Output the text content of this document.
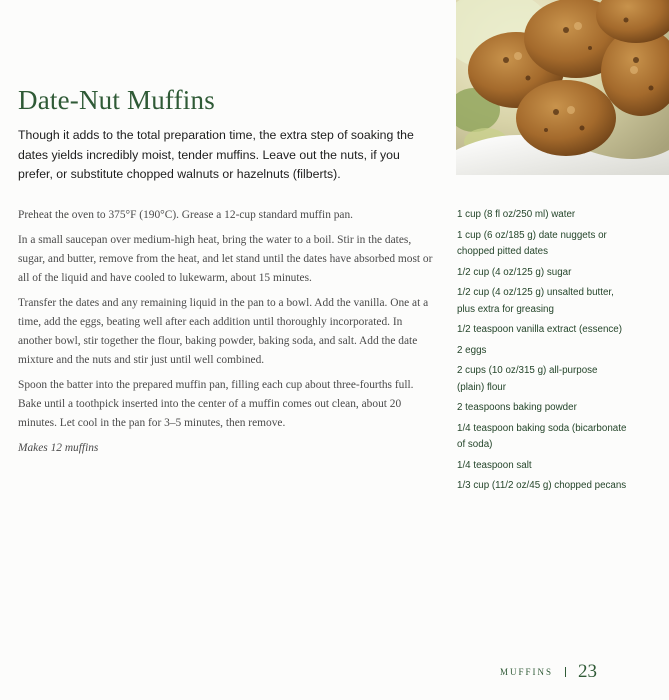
Date-Nut Muffins

Though it adds to the total preparation time, the extra step of soaking the dates yields incredibly moist, tender muffins. Leave out the nuts, if you prefer, or substitute chopped walnuts or hazelnuts (filberts).

Preheat the oven to 375°F (190°C). Grease a 12-cup standard muffin pan.

In a small saucepan over medium-high heat, bring the water to a boil. Stir in the dates, sugar, and butter, remove from the heat, and let stand until the dates have absorbed most or all of the liquid and have cooled to lukewarm, about 15 minutes.

Transfer the dates and any remaining liquid in the pan to a bowl. Add the vanilla. One at a time, add the eggs, beating well after each addition until thoroughly incorporated. In another bowl, stir together the flour, baking powder, baking soda, and salt. Add the date mixture and the nuts and stir just until well combined.

Spoon the batter into the prepared muffin pan, filling each cup about three-fourths full. Bake until a toothpick inserted into the center of a muffin comes out clean, about 20 minutes. Let cool in the pan for 3–5 minutes, then remove.

Makes 12 muffins

1 cup (8 fl oz/250 ml) water
1 cup (6 oz/185 g) date nuggets or chopped pitted dates
1/2 cup (4 oz/125 g) sugar
1/2 cup (4 oz/125 g) unsalted butter, plus extra for greasing
1/2 teaspoon vanilla extract (essence)
2 eggs
2 cups (10 oz/315 g) all-purpose (plain) flour
2 teaspoons baking powder
1/4 teaspoon baking soda (bicarbonate of soda)
1/4 teaspoon salt
1/3 cup (11/2 oz/45 g) chopped pecans
MUFFINS 23
